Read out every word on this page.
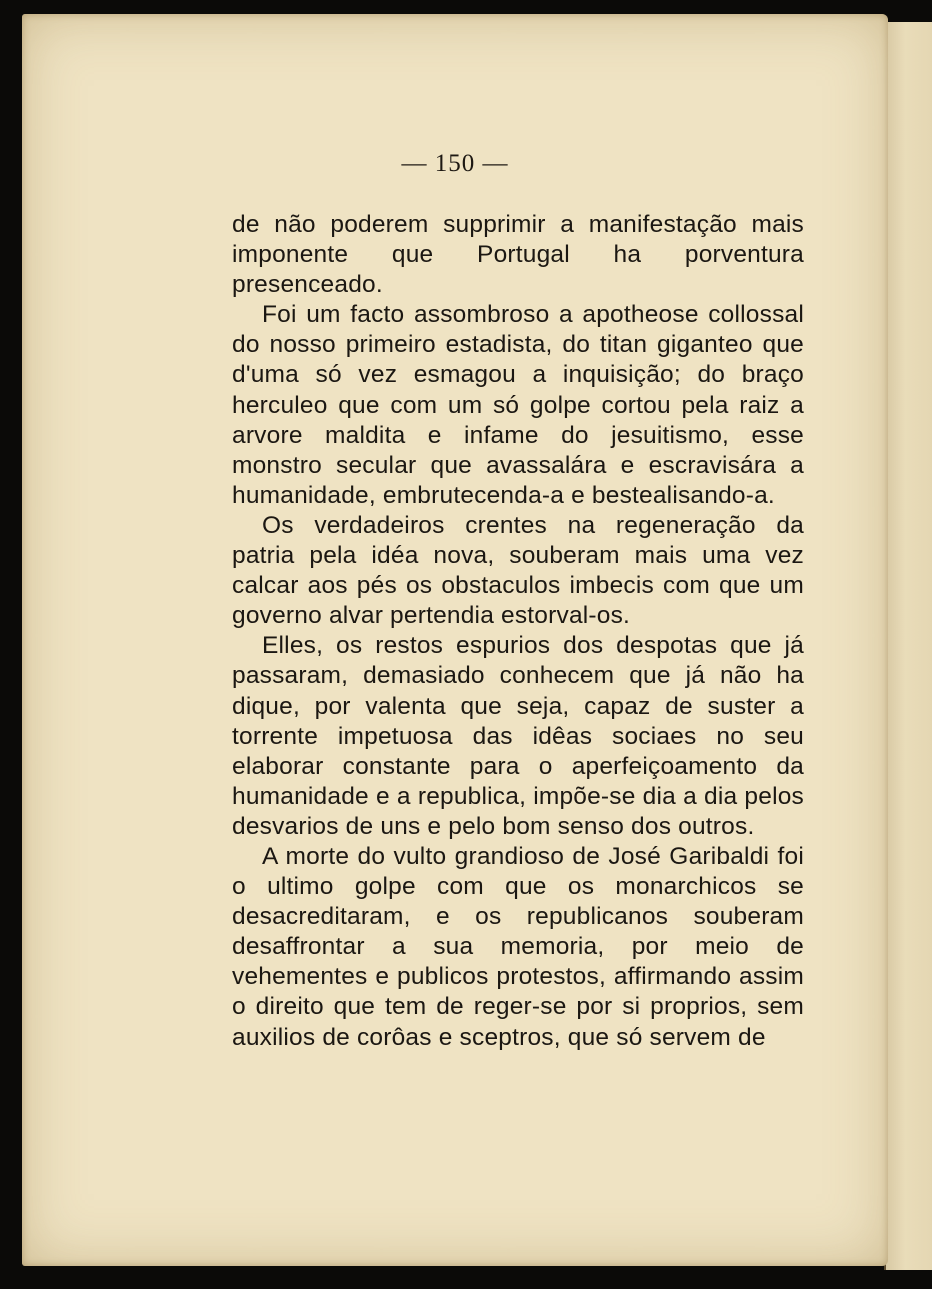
— 150 —

de não poderem supprimir a manifestação mais imponente que Portugal ha porventura presenceado.

Foi um facto assombroso a apotheose collossal do nosso primeiro estadista, do titan giganteo que d'uma só vez esmagou a inquisição; do braço herculeo que com um só golpe cortou pela raiz a arvore maldita e infame do jesuitismo, esse monstro secular que avassalára e escravisára a humanidade, embrutecenda-a e bestealisando-a.

Os verdadeiros crentes na regeneração da patria pela idéa nova, souberam mais uma vez calcar aos pés os obstaculos imbecis com que um governo alvar pertendia estorval-os.

Elles, os restos espurios dos despotas que já passaram, demasiado conhecem que já não ha dique, por valenta que seja, capaz de suster a torrente impetuosa das idêas sociaes no seu elaborar constante para o aperfeiçoamento da humanidade e a republica, impõe-se dia a dia pelos desvarios de uns e pelo bom senso dos outros.

A morte do vulto grandioso de José Garibaldi foi o ultimo golpe com que os monarchicos se desacreditaram, e os republicanos souberam desaffrontar a sua memoria, por meio de vehementes e publicos protestos, affirmando assim o direito que tem de reger-se por si proprios, sem auxilios de corôas e sceptros, que só servem de
